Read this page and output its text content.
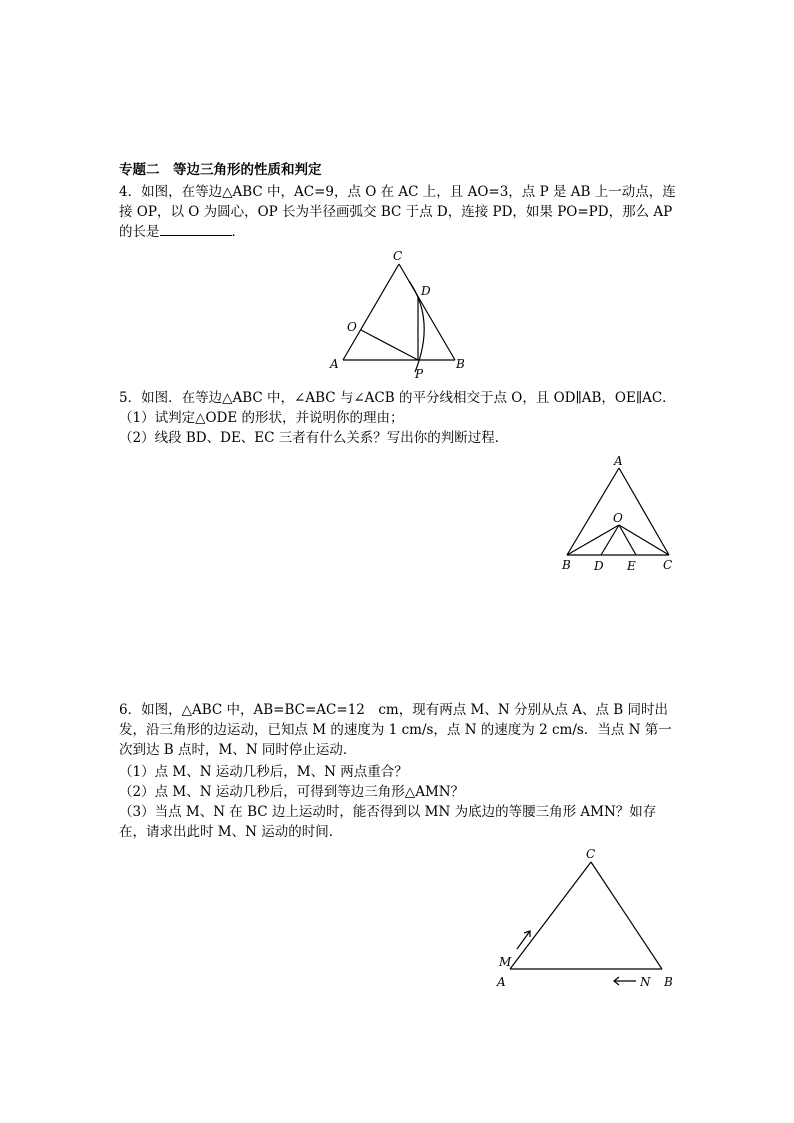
专题二　等边三角形的性质和判定
4．如图，在等边△ABC 中，AC=9，点 O 在 AC 上，且 AO=3，点 P 是 AB 上一动点，连接 OP，以 O 为圆心，OP 长为半径画弧交 BC 于点 D，连接 PD，如果 PO=PD，那么 AP 的长是	．
C
D
O
A	B
P
5．如图．在等边△ABC 中，∠ABC 与∠ACB 的平分线相交于点 O，且 OD∥AB，OE∥AC．
（1）试判定△ODE 的形状，并说明你的理由；
（2）线段 BD、DE、EC 三者有什么关系？写出你的判断过程．
A
O
B D E C
6．如图，△ABC 中，AB=BC=AC=12　cm，现有两点 M、N 分别从点 A、点 B 同时出发，沿三角形的边运动，已知点 M 的速度为 1 cm/s，点 N 的速度为 2 cm/s．当点 N 第一次到达 B 点时，M、N 同时停止运动．
（1）点 M、N 运动几秒后，M、N 两点重合？
（2）点 M、N 运动几秒后，可得到等边三角形△AMN？
（3）当点 M、N 在 BC 边上运动时，能否得到以 MN 为底边的等腰三角形 AMN？如存在，请求出此时 M、N 运动的时间．
C
M
A	N B
